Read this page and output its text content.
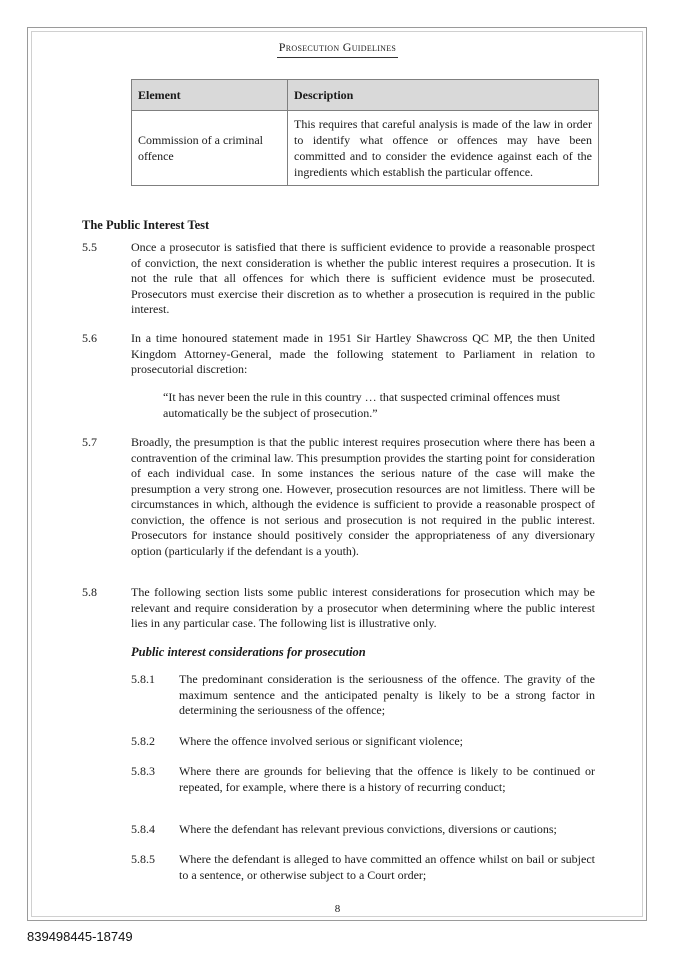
Prosecution Guidelines
Element	Description
Commission of a criminal offence	This requires that careful analysis is made of the law in order to identify what offence or offences may have been committed and to consider the evidence against each of the ingredients which establish the particular offence.
The Public Interest Test
5.5	Once a prosecutor is satisfied that there is sufficient evidence to provide a reasonable prospect of conviction, the next consideration is whether the public interest requires a prosecution. It is not the rule that all offences for which there is sufficient evidence must be prosecuted. Prosecutors must exercise their discretion as to whether a prosecution is required in the public interest.
5.6	In a time honoured statement made in 1951 Sir Hartley Shawcross QC MP, the then United Kingdom Attorney-General, made the following statement to Parliament in relation to prosecutorial discretion:
“It has never been the rule in this country … that suspected criminal offences must automatically be the subject of prosecution.”
5.7	Broadly, the presumption is that the public interest requires prosecution where there has been a contravention of the criminal law. This presumption provides the starting point for consideration of each individual case. In some instances the serious nature of the case will make the presumption a very strong one. However, prosecution resources are not limitless. There will be circumstances in which, although the evidence is sufficient to provide a reasonable prospect of conviction, the offence is not serious and prosecution is not required in the public interest. Prosecutors for instance should positively consider the appropriateness of any diversionary option (particularly if the defendant is a youth).
5.8	The following section lists some public interest considerations for prosecution which may be relevant and require consideration by a prosecutor when determining where the public interest lies in any particular case. The following list is illustrative only.
Public interest considerations for prosecution
5.8.1 The predominant consideration is the seriousness of the offence. The gravity of the maximum sentence and the anticipated penalty is likely to be a strong factor in determining the seriousness of the offence;
5.8.2 Where the offence involved serious or significant violence;
5.8.3 Where there are grounds for believing that the offence is likely to be continued or repeated, for example, where there is a history of recurring conduct;
5.8.4 Where the defendant has relevant previous convictions, diversions or cautions;
5.8.5 Where the defendant is alleged to have committed an offence whilst on bail or subject to a sentence, or otherwise subject to a Court order;
8
839498445-18749
